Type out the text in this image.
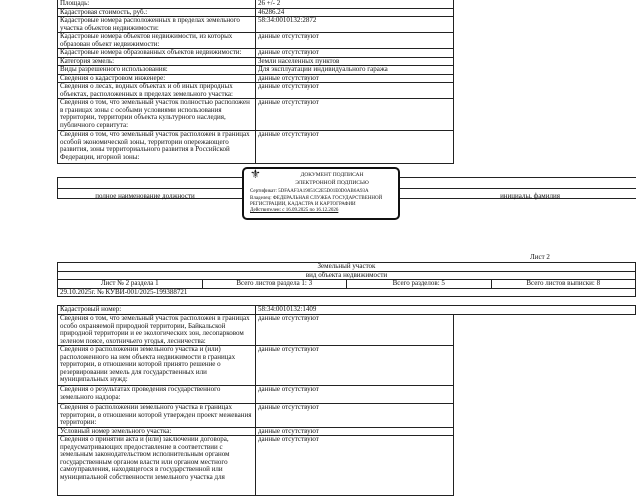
Площадь:	26 +/- 2
Кадастровая стоимость, руб.:	46286.24
Кадастровые номера расположенных в пределах земельного участка объектов недвижимости:	58:34:0010132:2872
Кадастровые номера объектов недвижимости, из которых образован объект недвижимости:	данные отсутствуют
Кадастровые номера образованных объектов недвижимости:	данные отсутствуют
Категория земель:	Земли населенных пунктов
Виды разрешенного использования:	Для эксплуатации индивидуального гаража
Сведения о кадастровом инженере:	данные отсутствуют
Сведения о лесах, водных объектах и об иных природных объектах, расположенных в пределах земельного участка:	данные отсутствуют
Сведения о том, что земельный участок полностью расположен в границах зоны с особыми условиями использования территории, территории объекта культурного наследия, публичного сервитута:	данные отсутствуют
Сведения о том, что земельный участок расположен в границах особой экономической зоны, территории опережающего развития, зоны территориального развития в Российской Федерации, игорной зоны:	данные отсутствуют
полное наименование должности	инициалы, фамилия
⚜	ДОКУМЕНТ ПОДПИСАН
ЭЛЕКТРОННОЙ ПОДПИСЬЮ
Сертификат: 5DFAAF3A19051C2E5D01E0D0AB6A93A
Владелец: ФЕДЕРАЛЬНАЯ СЛУЖБА ГОСУДАРСТВЕННОЙ
РЕГИСТРАЦИИ, КАДАСТРА И КАРТОГРАФИИ
Действителен: с 16.09.2025 по 16.12.2026
Лист 2
Земельный участок
вид объекта недвижимости
Лист № 2 раздела 1	Всего листов раздела 1: 3	Всего разделов: 5	Всего листов выписки: 8
29.10.2025г. № КУВИ-001/2025-199388721
Кадастровый номер:	58:34:0010132:1409
Сведения о том, что земельный участок расположен в границах особо охраняемой природной территории, Байкальской природной территории и ее экологических зон, лесопарковом зеленом поясе, охотничьего угодья, лесничества:	данные отсутствуют
Сведения о расположении земельного участка и (или) расположенного на нем объекта недвижимости в границах территории, в отношении которой принято решение о резервировании земель для государственных или муниципальных нужд:	данные отсутствуют
Сведения о результатах проведения государственного земельного надзора:	данные отсутствуют
Сведения о расположении земельного участка в границах территории, в отношении которой утвержден проект межевания территории:	данные отсутствуют
Условный номер земельного участка:	данные отсутствуют
Сведения о принятии акта и (или) заключении договора, предусматривающих предоставление в соответствии с земельным законодательством исполнительным органом государственным органом власти или органом местного самоуправления, находящегося в государственной или муниципальной собственности земельного участка для	данные отсутствуют
